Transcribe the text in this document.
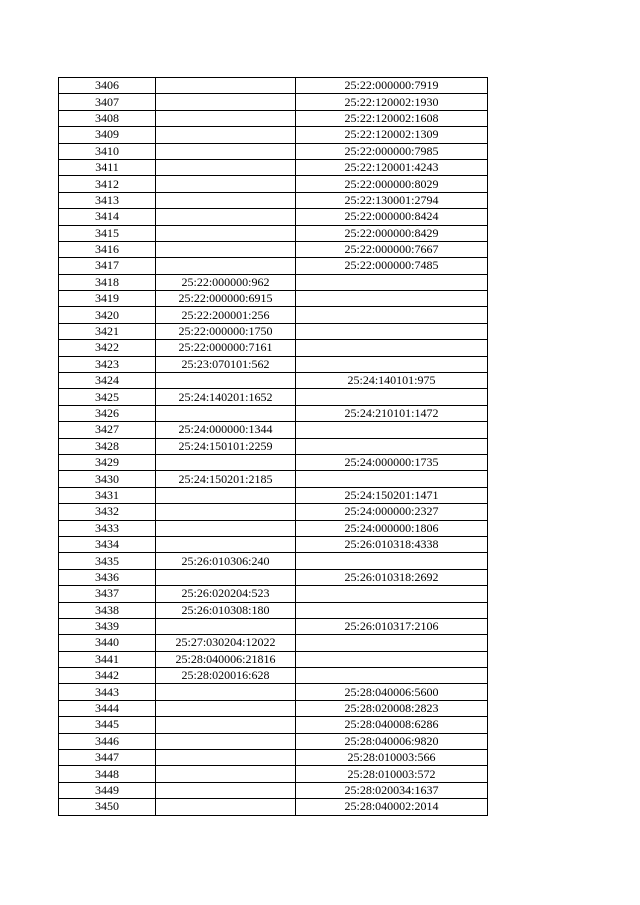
3406		25:22:000000:7919
3407		25:22:120002:1930
3408		25:22:120002:1608
3409		25:22:120002:1309
3410		25:22:000000:7985
3411		25:22:120001:4243
3412		25:22:000000:8029
3413		25:22:130001:2794
3414		25:22:000000:8424
3415		25:22:000000:8429
3416		25:22:000000:7667
3417		25:22:000000:7485
3418	25:22:000000:962	
3419	25:22:000000:6915	
3420	25:22:200001:256	
3421	25:22:000000:1750	
3422	25:22:000000:7161	
3423	25:23:070101:562	
3424		25:24:140101:975
3425	25:24:140201:1652	
3426		25:24:210101:1472
3427	25:24:000000:1344	
3428	25:24:150101:2259	
3429		25:24:000000:1735
3430	25:24:150201:2185	
3431		25:24:150201:1471
3432		25:24:000000:2327
3433		25:24:000000:1806
3434		25:26:010318:4338
3435	25:26:010306:240	
3436		25:26:010318:2692
3437	25:26:020204:523	
3438	25:26:010308:180	
3439		25:26:010317:2106
3440	25:27:030204:12022	
3441	25:28:040006:21816	
3442	25:28:020016:628	
3443		25:28:040006:5600
3444		25:28:020008:2823
3445		25:28:040008:6286
3446		25:28:040006:9820
3447		25:28:010003:566
3448		25:28:010003:572
3449		25:28:020034:1637
3450		25:28:040002:2014
